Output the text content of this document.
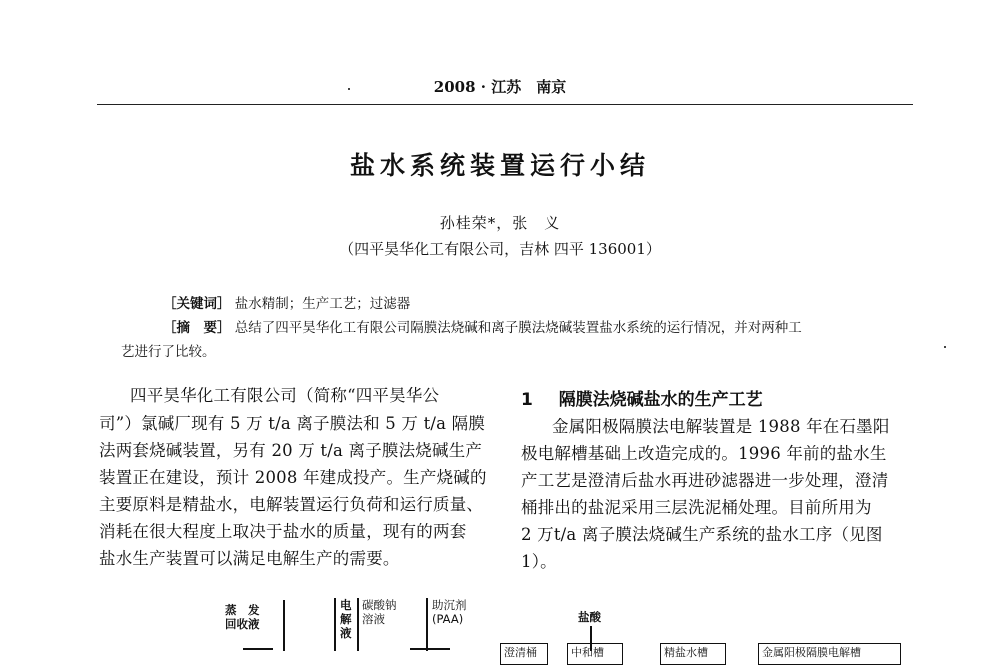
2008 · 江苏　南京
盐水系统装置运行小结
孙桂荣*，张　义
（四平昊华化工有限公司，吉林 四平 136001）
［关键词］ 盐水精制；生产工艺；过滤器
［摘　要］ 总结了四平昊华化工有限公司隔膜法烧碱和离子膜法烧碱装置盐水系统的运行情况，并对两种工
艺进行了比较。
四平昊华化工有限公司（简称“四平昊华公
司”）氯碱厂现有 5 万 t/a 离子膜法和 5 万 t/a 隔膜
法两套烧碱装置，另有 20 万 t/a 离子膜法烧碱生产
装置正在建设，预计 2008 年建成投产。生产烧碱的
主要原料是精盐水，电解装置运行负荷和运行质量、
消耗在很大程度上取决于盐水的质量，现有的两套
盐水生产装置可以满足电解生产的需要。
1 隔膜法烧碱盐水的生产工艺
金属阳极隔膜法电解装置是 1988 年在石墨阳
极电解槽基础上改造完成的。1996 年前的盐水生
产工艺是澄清后盐水再进砂滤器进一步处理，澄清
桶排出的盐泥采用三层洗泥桶处理。目前所用为
2 万t/a 离子膜法烧碱生产系统的盐水工序（见图
1）。
蒸　发
回收液
电
解
液
碳酸钠
溶液
助沉剂
(PAA)	盐酸
澄清桶	中和槽	精盐水槽	金属阳极隔膜电解槽
